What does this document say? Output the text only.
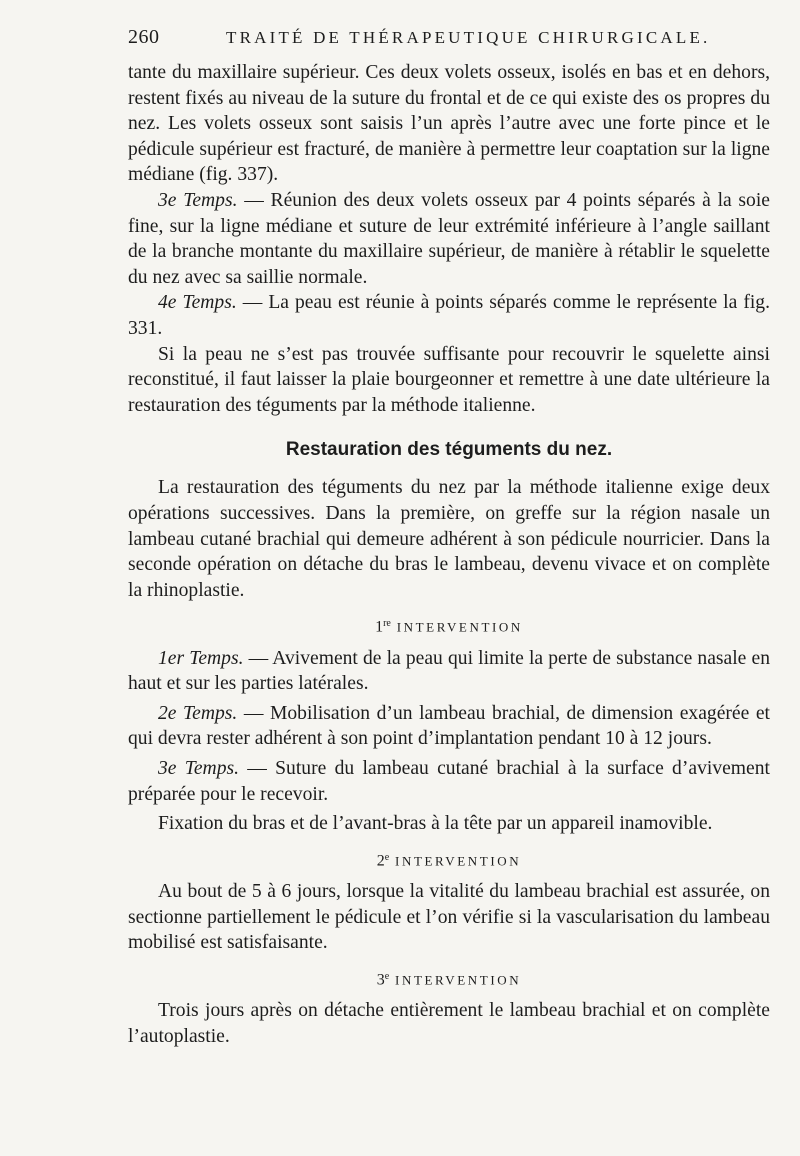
260	TRAITÉ DE THÉRAPEUTIQUE CHIRURGICALE.

tante du maxillaire supérieur. Ces deux volets osseux, isolés en bas et en dehors, restent fixés au niveau de la suture du frontal et de ce qui existe des os propres du nez. Les volets osseux sont saisis l’un après l’autre avec une forte pince et le pédicule supérieur est fracturé, de manière à permettre leur coaptation sur la ligne médiane (fig. 337).

3e Temps. — Réunion des deux volets osseux par 4 points séparés à la soie fine, sur la ligne médiane et suture de leur extrémité inférieure à l’angle saillant de la branche montante du maxillaire supérieur, de manière à rétablir le squelette du nez avec sa saillie normale.

4e Temps. — La peau est réunie à points séparés comme le représente la fig. 331.

Si la peau ne s’est pas trouvée suffisante pour recouvrir le squelette ainsi reconstitué, il faut laisser la plaie bourgeonner et remettre à une date ultérieure la restauration des téguments par la méthode italienne.

Restauration des téguments du nez.

La restauration des téguments du nez par la méthode italienne exige deux opérations successives. Dans la première, on greffe sur la région nasale un lambeau cutané brachial qui demeure adhérent à son pédicule nourricier. Dans la seconde opération on détache du bras le lambeau, devenu vivace et on complète la rhinoplastie.

1re INTERVENTION

1er Temps. — Avivement de la peau qui limite la perte de substance nasale en haut et sur les parties latérales.

2e Temps. — Mobilisation d’un lambeau brachial, de dimension exagérée et qui devra rester adhérent à son point d’implantation pendant 10 à 12 jours.

3e Temps. — Suture du lambeau cutané brachial à la surface d’avivement préparée pour le recevoir.

Fixation du bras et de l’avant-bras à la tête par un appareil inamovible.

2e INTERVENTION

Au bout de 5 à 6 jours, lorsque la vitalité du lambeau brachial est assurée, on sectionne partiellement le pédicule et l’on vérifie si la vascularisation du lambeau mobilisé est satisfaisante.

3e INTERVENTION

Trois jours après on détache entièrement le lambeau brachial et on complète l’autoplastie.
